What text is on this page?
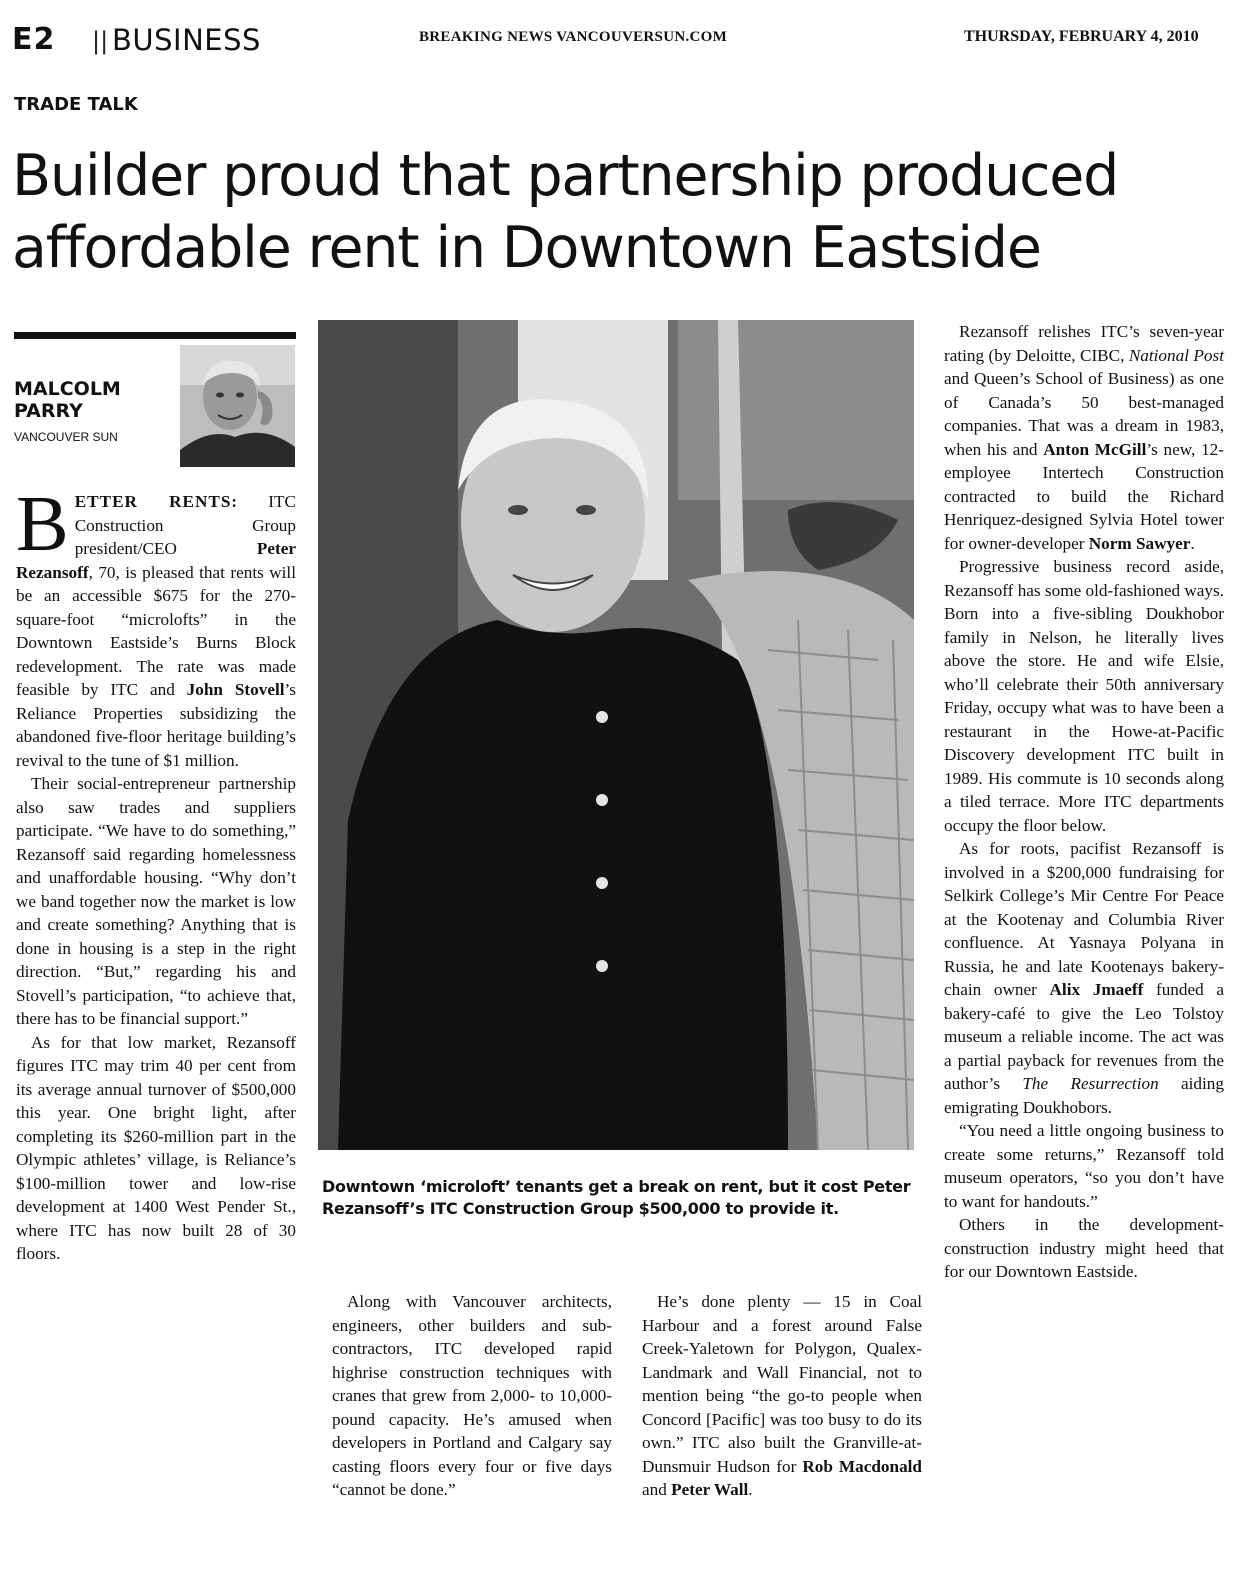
E2 || BUSINESS	BREAKING NEWS VANCOUVERSUN.COM	THURSDAY, FEBRUARY 4, 2010
TRADE TALK
Builder proud that partnership produced
affordable rent in Downtown Eastside
MALCOLM
PARRY
VANCOUVER SUN

BETTER RENTS: ITC Construction Group president/CEO Peter Rezansoff, 70, is pleased that rents will be an accessible $675 for the 270-square-foot “microlofts” in the Downtown Eastside’s Burns Block redevelopment. The rate was made feasible by ITC and John Stovell’s Reliance Properties subsidizing the abandoned five-floor heritage building’s revival to the tune of $1 million.

Their social-entrepreneur partnership also saw trades and suppliers participate. “We have to do something,” Rezansoff said regarding homelessness and unaffordable housing. “Why don’t we band together now the market is low and create something? Anything that is done in housing is a step in the right direction. “But,” regarding his and Stovell’s participation, “to achieve that, there has to be financial support.”

As for that low market, Rezansoff figures ITC may trim 40 per cent from its average annual turnover of $500,000 this year. One bright light, after completing its $260-million part in the Olympic athletes’ village, is Reliance’s $100-million tower and low-rise development at 1400 West Pender St., where ITC has now built 28 of 30 floors.

Downtown ‘microloft’ tenants get a break on rent, but it cost Peter
Rezansoff’s ITC Construction Group $500,000 to provide it.

Along with Vancouver architects, engineers, other builders and sub-contractors, ITC developed rapid highrise construction techniques with cranes that grew from 2,000- to 10,000-pound capacity. He’s amused when developers in Portland and Calgary say casting floors every four or five days “cannot be done.”

He’s done plenty — 15 in Coal Harbour and a forest around False Creek-Yaletown for Polygon, Qualex-Landmark and Wall Financial, not to mention being “the go-to people when Concord [Pacific] was too busy to do its own.” ITC also built the Granville-at-Dunsmuir Hudson for Rob Macdonald and Peter Wall.

Rezansoff relishes ITC’s seven-year rating (by Deloitte, CIBC, National Post and Queen’s School of Business) as one of Canada’s 50 best-managed companies. That was a dream in 1983, when his and Anton McGill’s new, 12-employee Intertech Construction contracted to build the Richard Henriquez-designed Sylvia Hotel tower for owner-developer Norm Sawyer.

Progressive business record aside, Rezansoff has some old-fashioned ways. Born into a five-sibling Doukhobor family in Nelson, he literally lives above the store. He and wife Elsie, who’ll celebrate their 50th anniversary Friday, occupy what was to have been a restaurant in the Howe-at-Pacific Discovery development ITC built in 1989. His commute is 10 seconds along a tiled terrace. More ITC departments occupy the floor below.

As for roots, pacifist Rezansoff is involved in a $200,000 fundraising for Selkirk College’s Mir Centre For Peace at the Kootenay and Columbia River confluence. At Yasnaya Polyana in Russia, he and late Kootenays bakery-chain owner Alix Jmaeff funded a bakery-café to give the Leo Tolstoy museum a reliable income. The act was a partial payback for revenues from the author’s The Resurrection aiding emigrating Doukhobors.

“You need a little ongoing business to create some returns,” Rezansoff told museum operators, “so you don’t have to want for handouts.”

Others in the development-construction industry might heed that for our Downtown Eastside.
